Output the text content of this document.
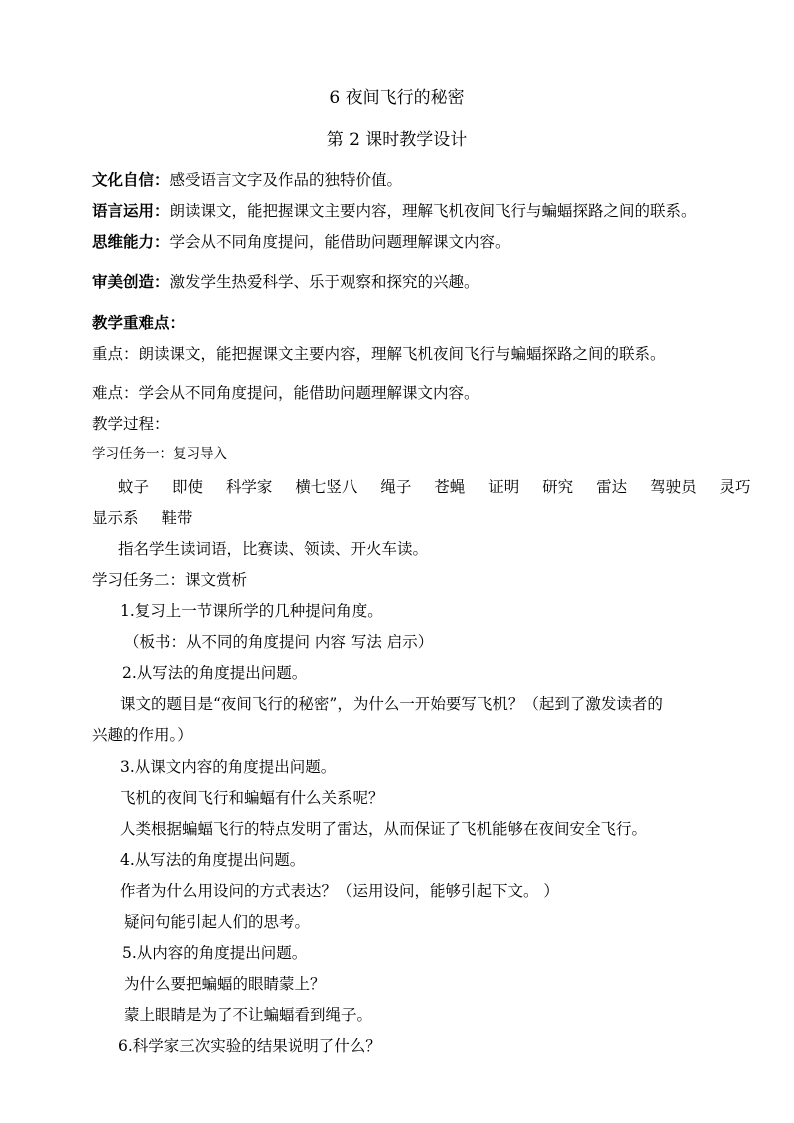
6 夜间飞行的秘密
第 2 课时教学设计
文化自信：感受语言文字及作品的独特价值。
语言运用：朗读课文，能把握课文主要内容，理解飞机夜间飞行与蝙蝠探路之间的联系。
思维能力：学会从不同角度提问，能借助问题理解课文内容。
审美创造：激发学生热爱科学、乐于观察和探究的兴趣。
教学重难点：
重点：朗读课文，能把握课文主要内容，理解飞机夜间飞行与蝙蝠探路之间的联系。
难点：学会从不同角度提问，能借助问题理解课文内容。
教学过程：
学习任务一：复习导入
蚊子 即使 科学家 横七竖八 绳子 苍蝇 证明 研究 雷达 驾驶员 灵巧
显示系 鞋带
指名学生读词语，比赛读、领读、开火车读。
学习任务二：课文赏析
1.复习上一节课所学的几种提问角度。
（板书：从不同的角度提问 内容 写法 启示）
2.从写法的角度提出问题。
课文的题目是“夜间飞行的秘密”，为什么一开始要写飞机？（起到了激发读者的
兴趣的作用。）
3.从课文内容的角度提出问题。
飞机的夜间飞行和蝙蝠有什么关系呢？
人类根据蝙蝠飞行的特点发明了雷达，从而保证了飞机能够在夜间安全飞行。
4.从写法的角度提出问题。
作者为什么用设问的方式表达？（运用设问，能够引起下文。 ）
疑问句能引起人们的思考。
5.从内容的角度提出问题。
为什么要把蝙蝠的眼睛蒙上？
蒙上眼睛是为了不让蝙蝠看到绳子。
6.科学家三次实验的结果说明了什么？
